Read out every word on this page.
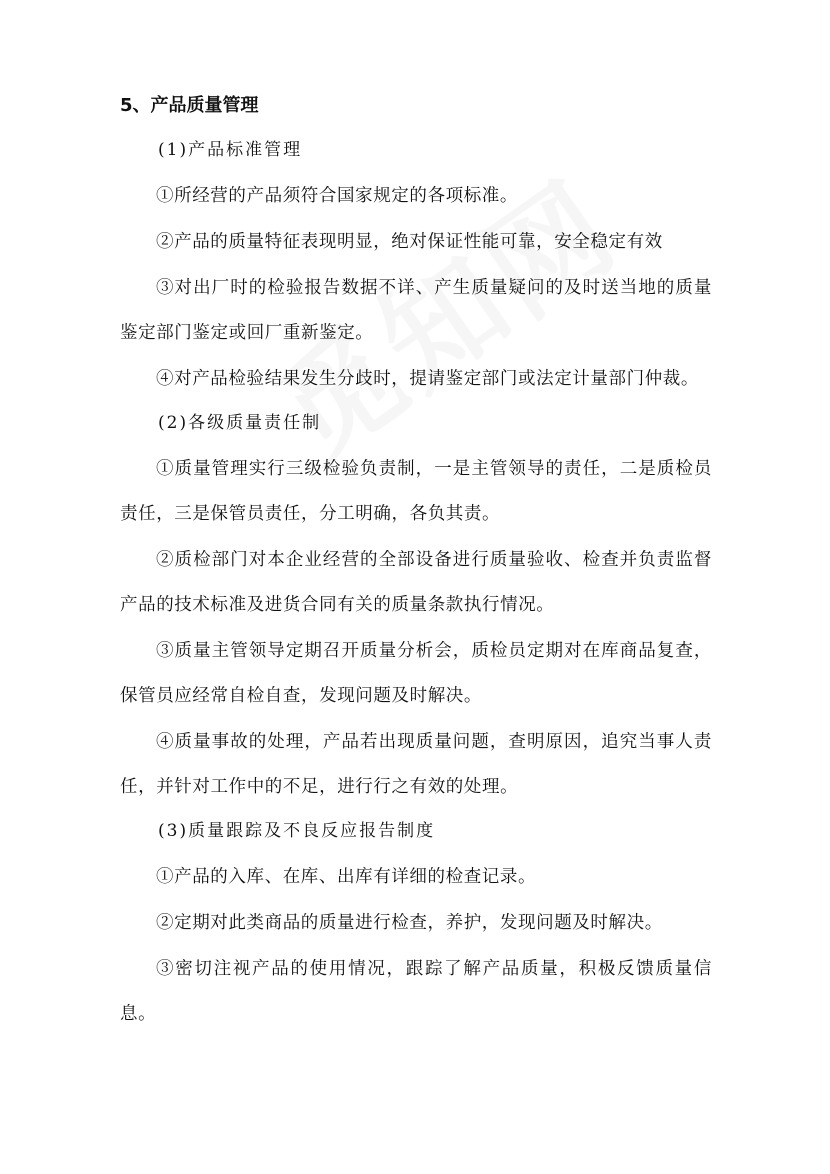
5、产品质量管理
(1)产品标准管理

①所经营的产品须符合国家规定的各项标准。

②产品的质量特征表现明显，绝对保证性能可靠，安全稳定有效

③对出厂时的检验报告数据不详、产生质量疑问的及时送当地的质量鉴定部门鉴定或回厂重新鉴定。

④对产品检验结果发生分歧时，提请鉴定部门或法定计量部门仲裁。

(2)各级质量责任制

①质量管理实行三级检验负责制，一是主管领导的责任，二是质检员责任，三是保管员责任，分工明确，各负其责。

②质检部门对本企业经营的全部设备进行质量验收、检查并负责监督产品的技术标准及进货合同有关的质量条款执行情况。

③质量主管领导定期召开质量分析会，质检员定期对在库商品复查，保管员应经常自检自查，发现问题及时解决。

④质量事故的处理，产品若出现质量问题，查明原因，追究当事人责任，并针对工作中的不足，进行行之有效的处理。

(3)质量跟踪及不良反应报告制度

①产品的入库、在库、出库有详细的检查记录。

②定期对此类商品的质量进行检查，养护，发现问题及时解决。

③密切注视产品的使用情况，跟踪了解产品质量，积极反馈质量信息。
